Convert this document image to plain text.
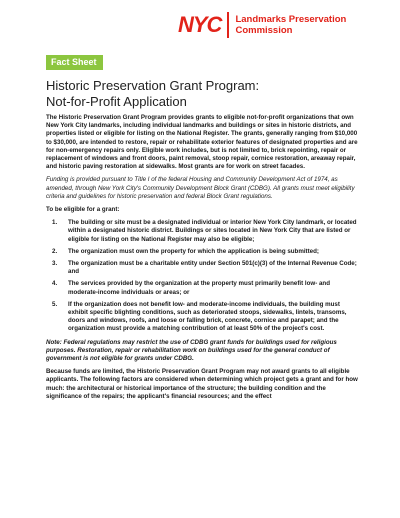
NYC Landmarks Preservation
Commission
Fact Sheet
Historic Preservation Grant Program:
Not-for-Profit Application

The Historic Preservation Grant Program provides grants to eligible not-for-profit organizations that own New York City landmarks, including individual landmarks and buildings or sites in historic districts, and properties listed or eligible for listing on the National Register. The grants, generally ranging from $10,000 to $30,000, are intended to restore, repair or rehabilitate exterior features of designated properties and are for non-emergency repairs only. Eligible work includes, but is not limited to, brick repointing, repair or replacement of windows and front doors, paint removal, stoop repair, cornice restoration, areaway repair, and historic paving restoration at sidewalks. Most grants are for work on street facades.

Funding is provided pursuant to Title I of the federal Housing and Community Development Act of 1974, as amended, through New York City's Community Development Block Grant (CDBG). All grants must meet eligibility criteria and guidelines for historic preservation and federal Block Grant regulations.

To be eligible for a grant:

1.	The building or site must be a designated individual or interior New York City landmark, or located within a designated historic district. Buildings or sites located in New York City that are listed or eligible for listing on the National Register may also be eligible;
2.	The organization must own the property for which the application is being submitted;
3.	The organization must be a charitable entity under Section 501(c)(3) of the Internal Revenue Code; and
4.	The services provided by the organization at the property must primarily benefit low- and moderate-income individuals or areas; or
5.	If the organization does not benefit low- and moderate-income individuals, the building must exhibit specific blighting conditions, such as deteriorated stoops, sidewalks, lintels, transoms, doors and windows, roofs, and loose or falling brick, concrete, cornice and parapet; and the organization must provide a matching contribution of at least 50% of the project's cost.

Note: Federal regulations may restrict the use of CDBG grant funds for buildings used for religious purposes. Restoration, repair or rehabilitation work on buildings used for the general conduct of government is not eligible for grants under CDBG.

Because funds are limited, the Historic Preservation Grant Program may not award grants to all eligible applicants. The following factors are considered when determining which project gets a grant and for how much: the architectural or historical importance of the structure; the building condition and the significance of the repairs; the applicant's financial resources; and the effect
